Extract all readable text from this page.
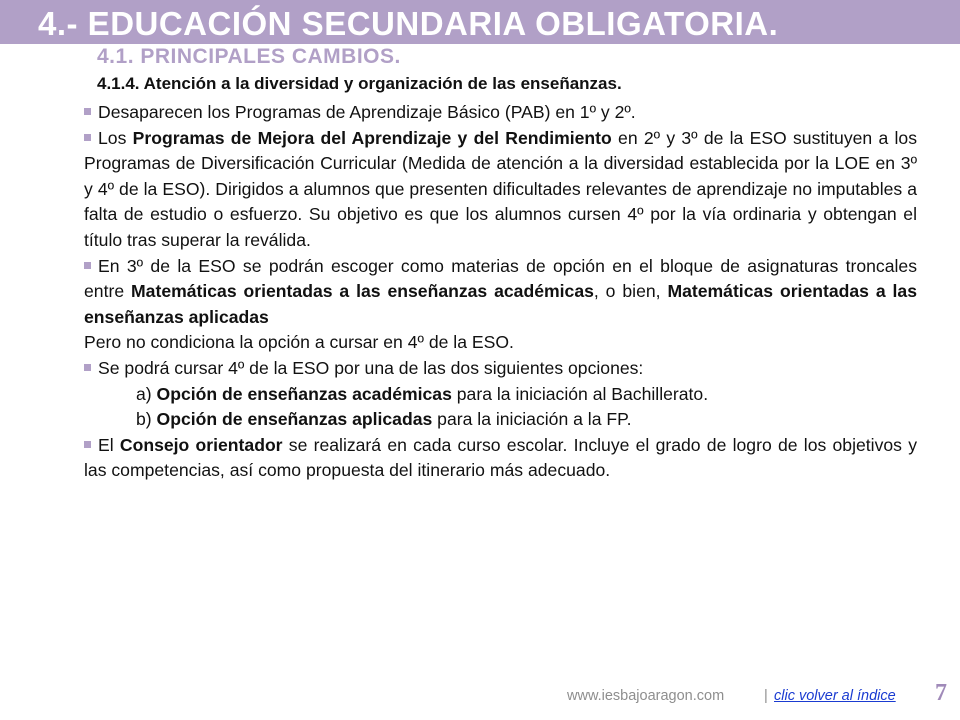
4.- EDUCACIÓN SECUNDARIA OBLIGATORIA.
4.1. PRINCIPALES CAMBIOS.
4.1.4. Atención a la diversidad y organización de las enseñanzas.

Desaparecen los Programas de Aprendizaje Básico (PAB) en 1º y 2º.

Los Programas de Mejora del Aprendizaje y del Rendimiento en 2º y 3º de la ESO sustituyen a los Programas de Diversificación Curricular (Medida de atención a la diversidad establecida por la LOE en 3º y 4º de la ESO). Dirigidos a alumnos que presenten dificultades relevantes de aprendizaje no imputables a falta de estudio o esfuerzo. Su objetivo es que los alumnos cursen 4º por la vía ordinaria y obtengan el título tras superar la reválida.

En 3º de la ESO se podrán escoger como materias de opción en el bloque de asignaturas troncales entre Matemáticas orientadas a las enseñanzas académicas, o bien, Matemáticas orientadas a las enseñanzas aplicadas

Pero no condiciona la opción a cursar en 4º de la ESO.

Se podrá cursar 4º de la ESO por una de las dos siguientes opciones:

a) Opción de enseñanzas académicas para la iniciación al Bachillerato.

b) Opción de enseñanzas aplicadas para la iniciación a la FP.

El Consejo orientador se realizará en cada curso escolar. Incluye el grado de logro de los objetivos y las competencias, así como propuesta del itinerario más adecuado.

www.iesbajoaragon.com	| clic volver al índice 7
